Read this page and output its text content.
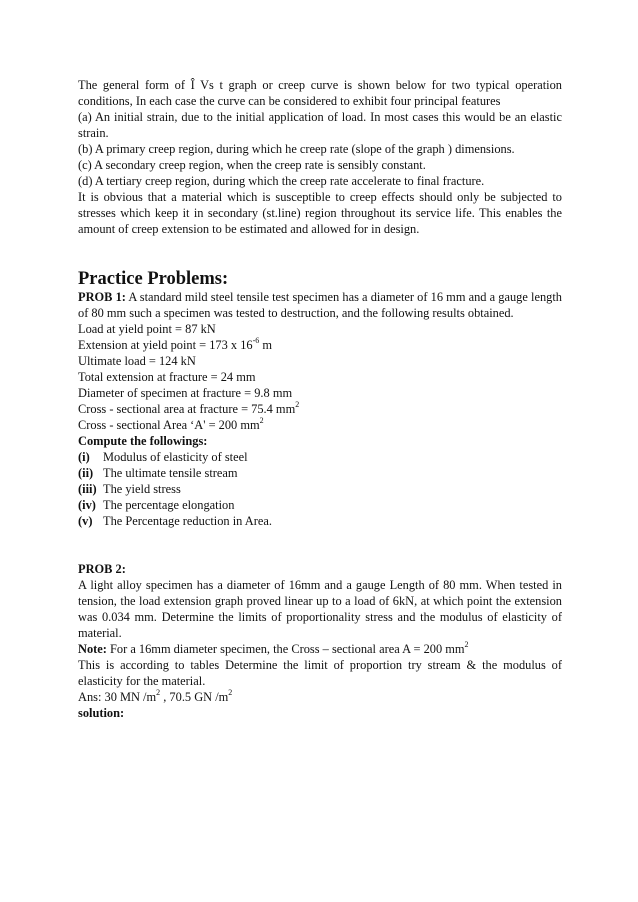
The general form of Î Vs t graph or creep curve is shown below for two typical operation conditions, In each case the curve can be considered to exhibit four principal features

(a) An initial strain, due to the initial application of load. In most cases this would be an elastic strain.

(b) A primary creep region, during which he creep rate (slope of the graph ) dimensions.

(c) A secondary creep region, when the creep rate is sensibly constant.

(d) A tertiary creep region, during which the creep rate accelerate to final fracture.

It is obvious that a material which is susceptible to creep effects should only be subjected to stresses which keep it in secondary (st.line) region throughout its service life. This enables the amount of creep extension to be estimated and allowed for in design.

Practice Problems:

PROB 1: A standard mild steel tensile test specimen has a diameter of 16 mm and a gauge length of 80 mm such a specimen was tested to destruction, and the following results obtained.

Load at yield point = 87 kN

Extension at yield point = 173 x $16^{-6}$ m

Ultimate load = 124 kN

Total extension at fracture = 24 mm

Diameter of specimen at fracture = 9.8 mm

Cross - sectional area at fracture = 75.4 $mm^2$

Cross - sectional Area ‘A' = 200 $mm^2$

Compute the followings:

(i)	Modulus of elasticity of steel
(ii) The ultimate tensile stream
(iii) The yield stress
(iv) The percentage elongation
(v) The Percentage reduction in Area.

PROB 2:

A light alloy specimen has a diameter of 16mm and a gauge Length of 80 mm. When tested in tension, the load extension graph proved linear up to a load of 6kN, at which point the extension was 0.034 mm. Determine the limits of proportionality stress and the modulus of elasticity of material.

Note: For a 16mm diameter specimen, the Cross – sectional area A = 200 $mm^2$

This is according to tables Determine the limit of proportion try stream & the modulus of elasticity for the material.

Ans: 30 MN $/m^2$ , 70.5 GN $/m^2$

solution:
